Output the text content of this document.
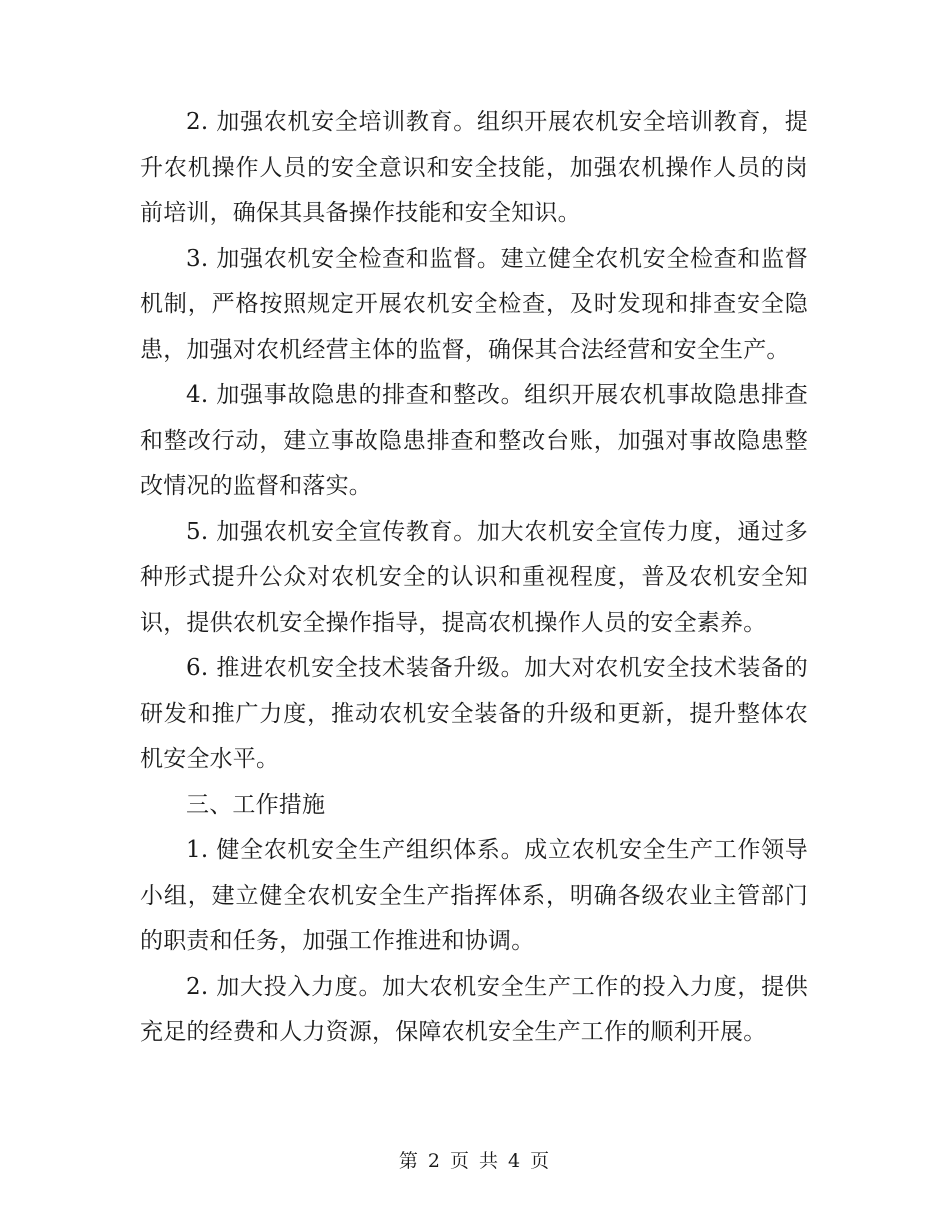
2. 加强农机安全培训教育。组织开展农机安全培训教育，提升农机操作人员的安全意识和安全技能，加强农机操作人员的岗前培训，确保其具备操作技能和安全知识。

3. 加强农机安全检查和监督。建立健全农机安全检查和监督机制，严格按照规定开展农机安全检查，及时发现和排查安全隐患，加强对农机经营主体的监督，确保其合法经营和安全生产。

4. 加强事故隐患的排查和整改。组织开展农机事故隐患排查和整改行动，建立事故隐患排查和整改台账，加强对事故隐患整改情况的监督和落实。

5. 加强农机安全宣传教育。加大农机安全宣传力度，通过多种形式提升公众对农机安全的认识和重视程度，普及农机安全知识，提供农机安全操作指导，提高农机操作人员的安全素养。

6. 推进农机安全技术装备升级。加大对农机安全技术装备的研发和推广力度，推动农机安全装备的升级和更新，提升整体农机安全水平。

三、工作措施

1. 健全农机安全生产组织体系。成立农机安全生产工作领导小组，建立健全农机安全生产指挥体系，明确各级农业主管部门的职责和任务，加强工作推进和协调。

2. 加大投入力度。加大农机安全生产工作的投入力度，提供充足的经费和人力资源，保障农机安全生产工作的顺利开展。

第 2 页 共 4 页
